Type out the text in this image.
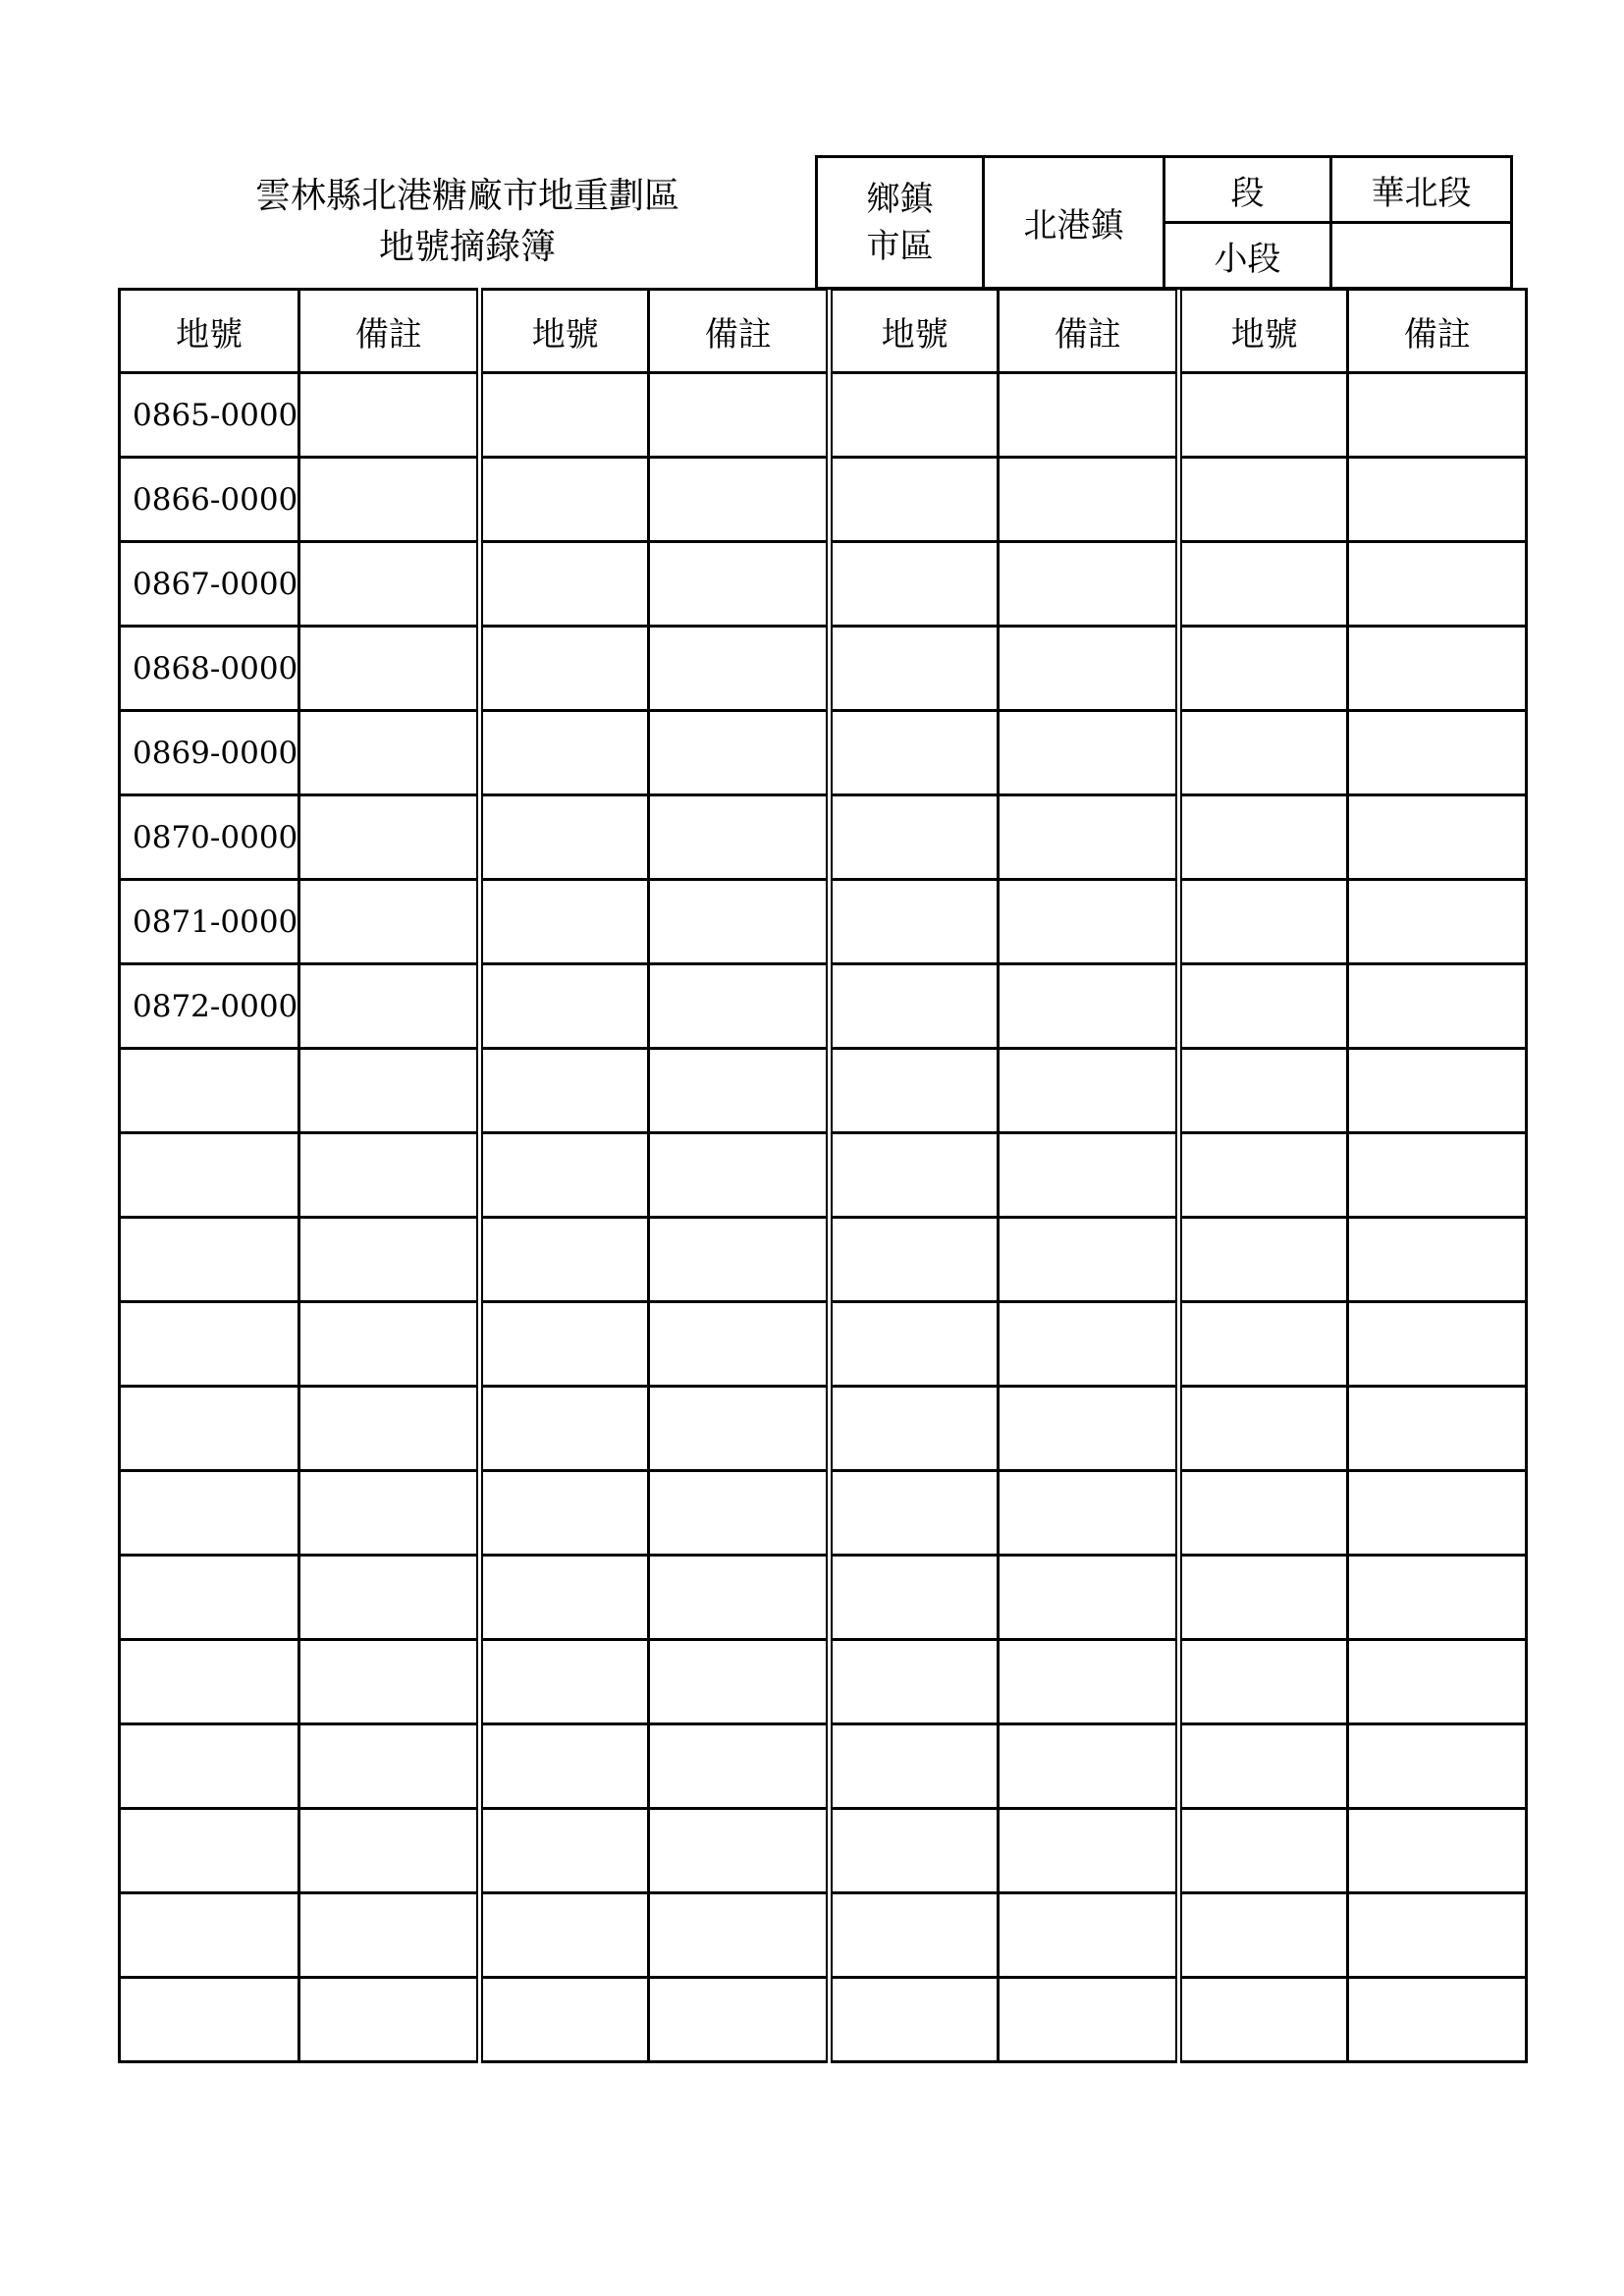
雲林縣北港糖廠市地重劃區
地號摘錄簿
鄉鎮
市區	北港鎮	段	華北段
		小段	
地號	備註	地號	備註	地號	備註	地號	備註
0865-0000							
0866-0000							
0867-0000							
0868-0000							
0869-0000							
0870-0000							
0871-0000							
0872-0000							
